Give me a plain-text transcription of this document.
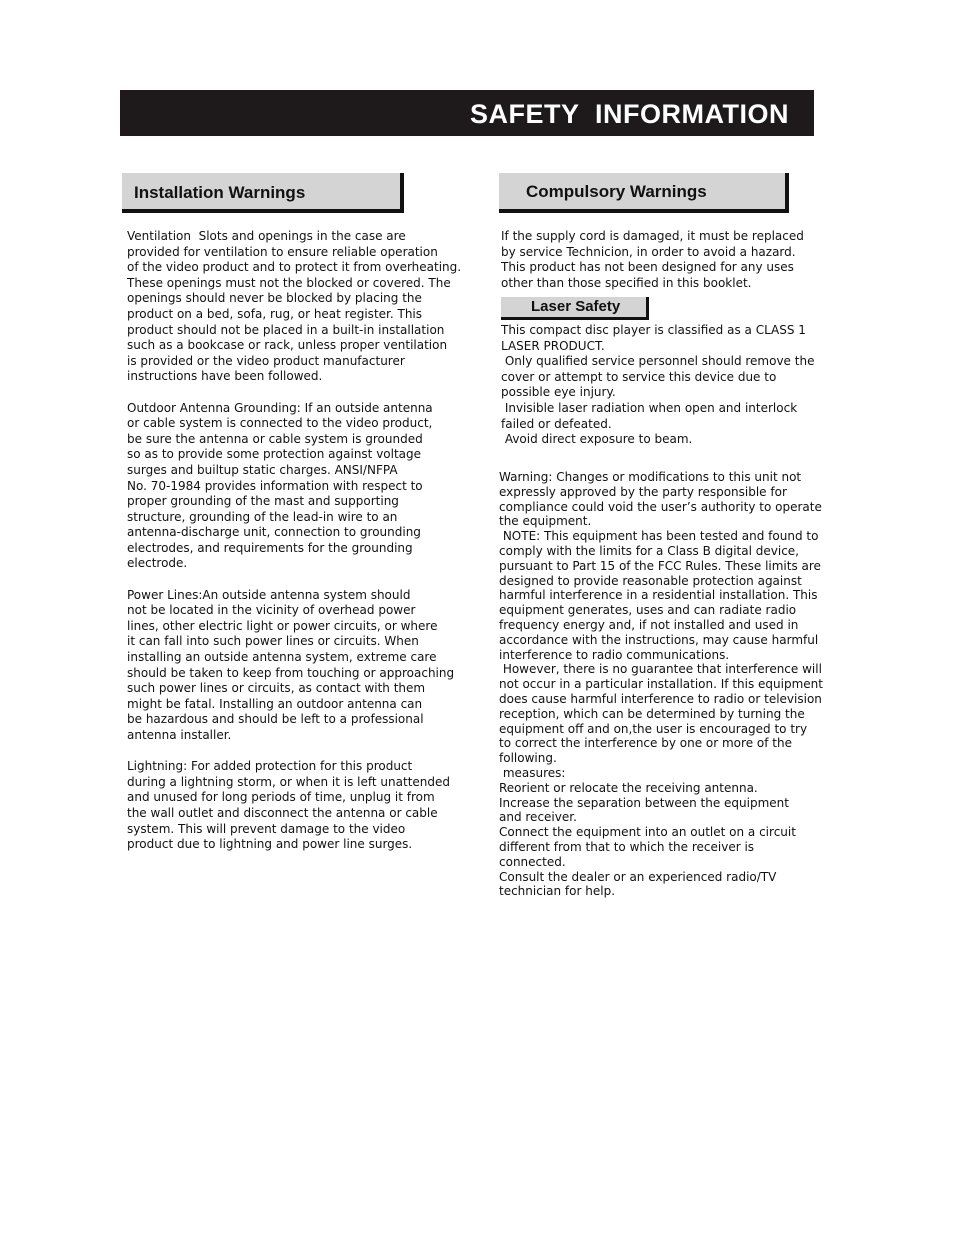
SAFETY  INFORMATION
Installation Warnings	Compulsory Warnings

Ventilation  Slots and openings in the case are
provided for ventilation to ensure reliable operation
of the video product and to protect it from overheating.
These openings must not the blocked or covered. The
openings should never be blocked by placing the
product on a bed, sofa, rug, or heat register. This
product should not be placed in a built-in installation
such as a bookcase or rack, unless proper ventilation
is provided or the video product manufacturer
instructions have been followed.

Outdoor Antenna Grounding: If an outside antenna
or cable system is connected to the video product,
be sure the antenna or cable system is grounded
so as to provide some protection against voltage
surges and builtup static charges. ANSI/NFPA
No. 70-1984 provides information with respect to
proper grounding of the mast and supporting
structure, grounding of the lead-in wire to an
antenna-discharge unit, connection to grounding
electrodes, and requirements for the grounding
electrode.

Power Lines:An outside antenna system should
not be located in the vicinity of overhead power
lines, other electric light or power circuits, or where
it can fall into such power lines or circuits. When
installing an outside antenna system, extreme care
should be taken to keep from touching or approaching
such power lines or circuits, as contact with them
might be fatal. Installing an outdoor antenna can
be hazardous and should be left to a professional
antenna installer.

Lightning: For added protection for this product
during a lightning storm, or when it is left unattended
and unused for long periods of time, unplug it from
the wall outlet and disconnect the antenna or cable
system. This will prevent damage to the video
product due to lightning and power line surges.

If the supply cord is damaged, it must be replaced
by service Technicion, in order to avoid a hazard.
This product has not been designed for any uses
other than those specified in this booklet.

Laser Safety

This compact disc player is classified as a CLASS 1
LASER PRODUCT.
Only qualified service personnel should remove the
cover or attempt to service this device due to
possible eye injury.
Invisible laser radiation when open and interlock
failed or defeated.
Avoid direct exposure to beam.

Warning: Changes or modifications to this unit not
expressly approved by the party responsible for
compliance could void the user’s authority to operate
the equipment.
NOTE: This equipment has been tested and found to
comply with the limits for a Class B digital device,
pursuant to Part 15 of the FCC Rules. These limits are
designed to provide reasonable protection against
harmful interference in a residential installation. This
equipment generates, uses and can radiate radio
frequency energy and, if not installed and used in
accordance with the instructions, may cause harmful
interference to radio communications.
However, there is no guarantee that interference will
not occur in a particular installation. If this equipment
does cause harmful interference to radio or television
reception, which can be determined by turning the
equipment off and on,the user is encouraged to try
to correct the interference by one or more of the
following.
measures:
Reorient or relocate the receiving antenna.
Increase the separation between the equipment
and receiver.
Connect the equipment into an outlet on a circuit
different from that to which the receiver is
connected.
Consult the dealer or an experienced radio/TV
technician for help.
